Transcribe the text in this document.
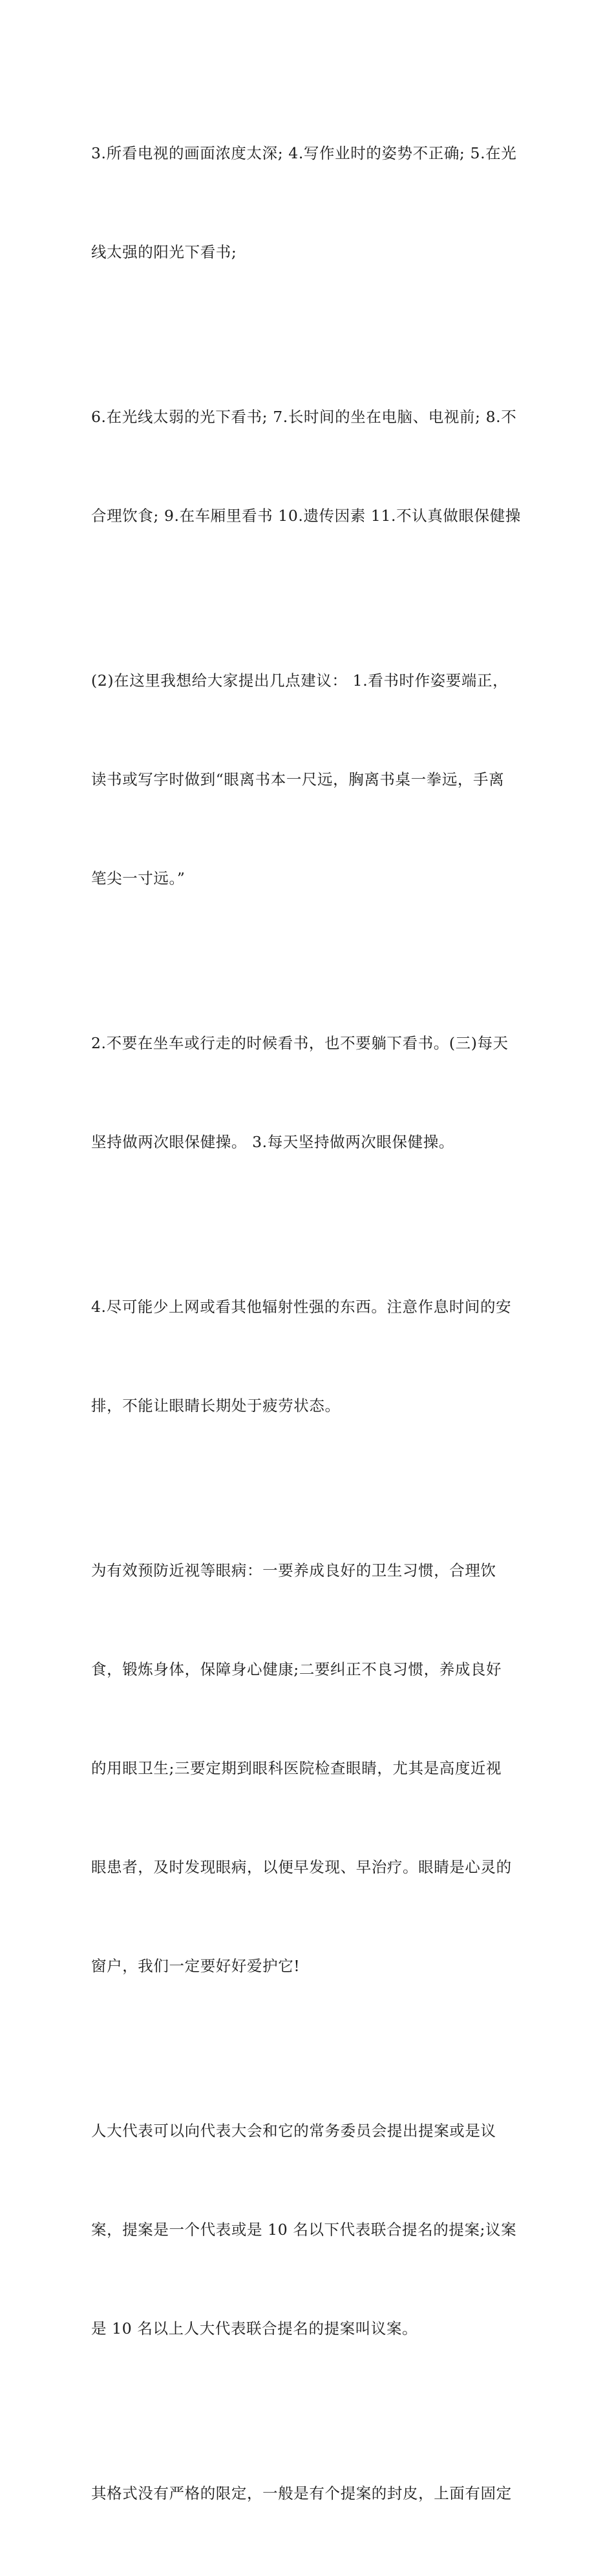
3.所看电视的画面浓度太深; 4.写作业时的姿势不正确; 5.在光

线太强的阳光下看书;

6.在光线太弱的光下看书; 7.长时间的坐在电脑、电视前; 8.不

合理饮食; 9.在车厢里看书 10.遗传因素 11.不认真做眼保健操

(2)在这里我想给大家提出几点建议： 1.看书时作姿要端正，

读书或写字时做到“眼离书本一尺远，胸离书桌一拳远，手离

笔尖一寸远。”

2.不要在坐车或行走的时候看书，也不要躺下看书。(三)每天

坚持做两次眼保健操。 3.每天坚持做两次眼保健操。

4.尽可能少上网或看其他辐射性强的东西。注意作息时间的安

排，不能让眼睛长期处于疲劳状态。

为有效预防近视等眼病：一要养成良好的卫生习惯，合理饮

食，锻炼身体，保障身心健康;二要纠正不良习惯，养成良好

的用眼卫生;三要定期到眼科医院检查眼睛，尤其是高度近视

眼患者，及时发现眼病，以便早发现、早治疗。眼睛是心灵的

窗户，我们一定要好好爱护它!

人大代表可以向代表大会和它的常务委员会提出提案或是议

案，提案是一个代表或是 10 名以下代表联合提名的提案;议案

是 10 名以上人大代表联合提名的提案叫议案。

其格式没有严格的限定，一般是有个提案的封皮，上面有固定
